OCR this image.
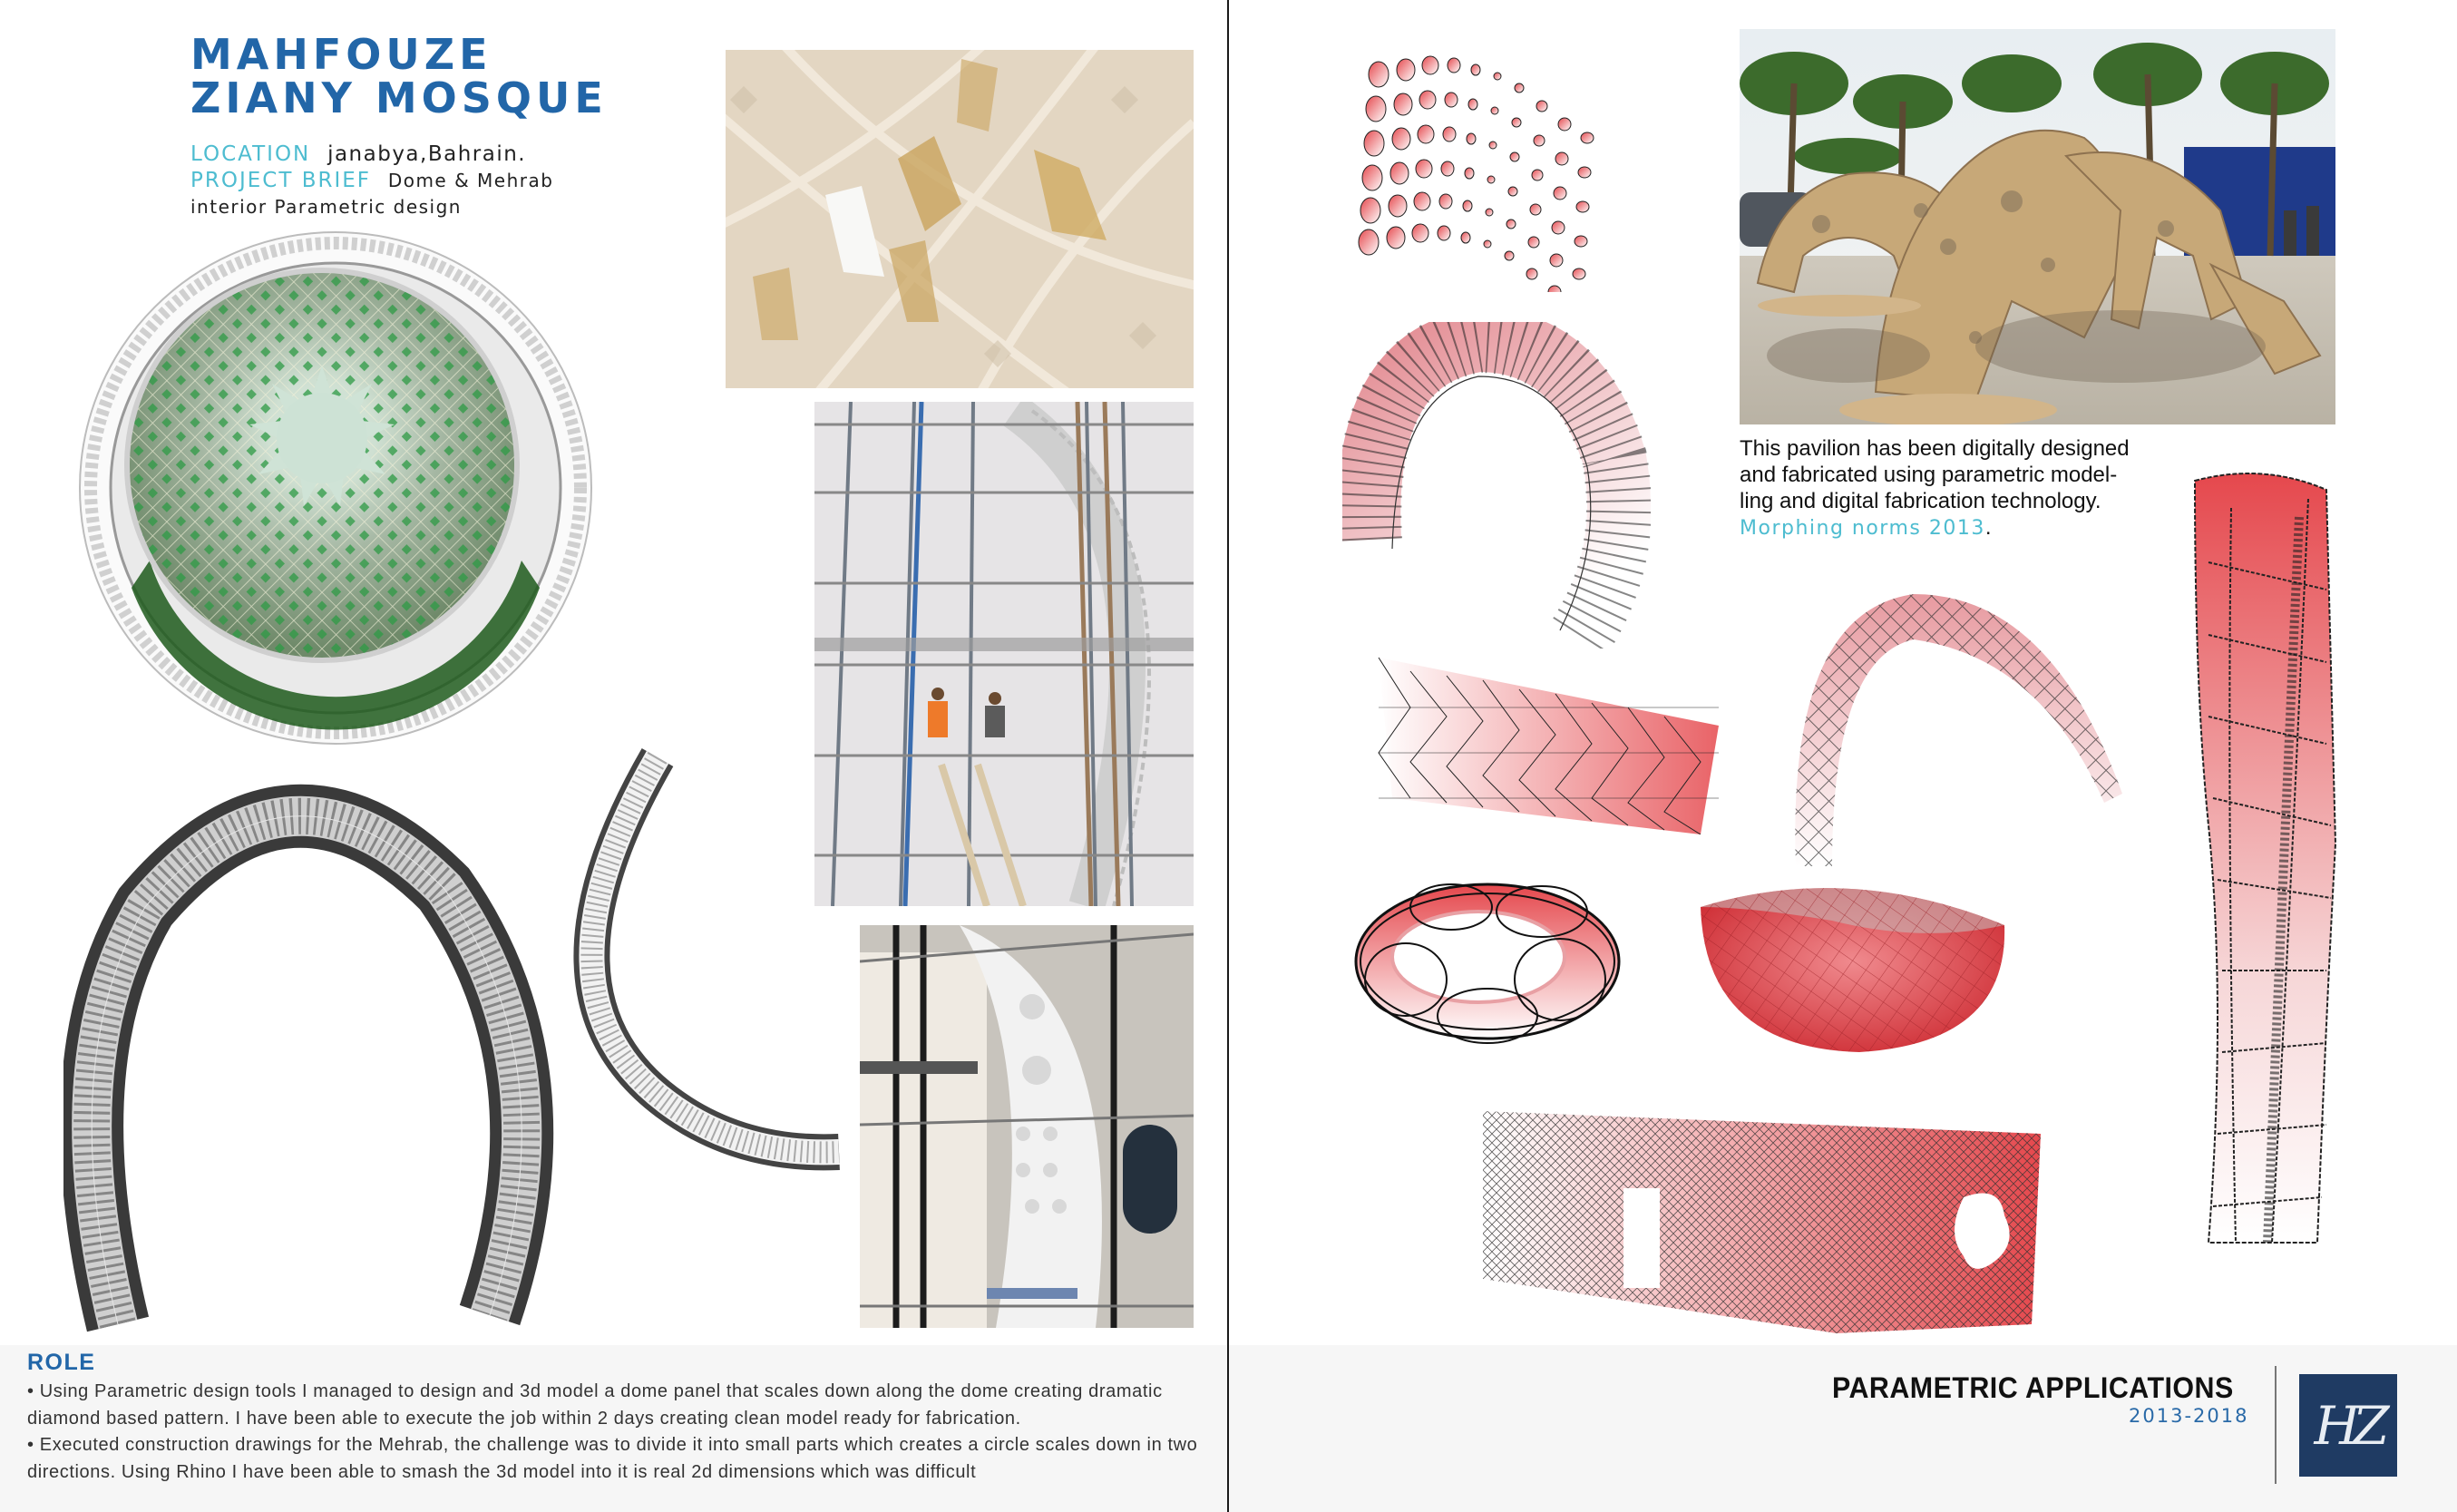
MAHFOUZE
ZIANY MOSQUE
LOCATION janabya,Bahrain.
PROJECT BRIEF Dome & Mehrab
interior Parametric design
ROLE

• Using Parametric design tools I managed to design and 3d model a dome panel that scales down along the dome creating dramatic diamond based pattern. I have been able to execute the job within 2 days creating clean model ready for fabrication.

• Executed construction drawings for the Mehrab, the challenge was to divide it into small parts which creates a circle scales down in two directions. Using Rhino I have been able to smash the 3d model into it is real 2d dimensions which was difficult

This pavilion has been digitally designed
and fabricated using parametric model-
ling and digital fabrication technology.
Morphing norms 2013.
PARAMETRIC APPLICATIONS
2013-2018 HZ
